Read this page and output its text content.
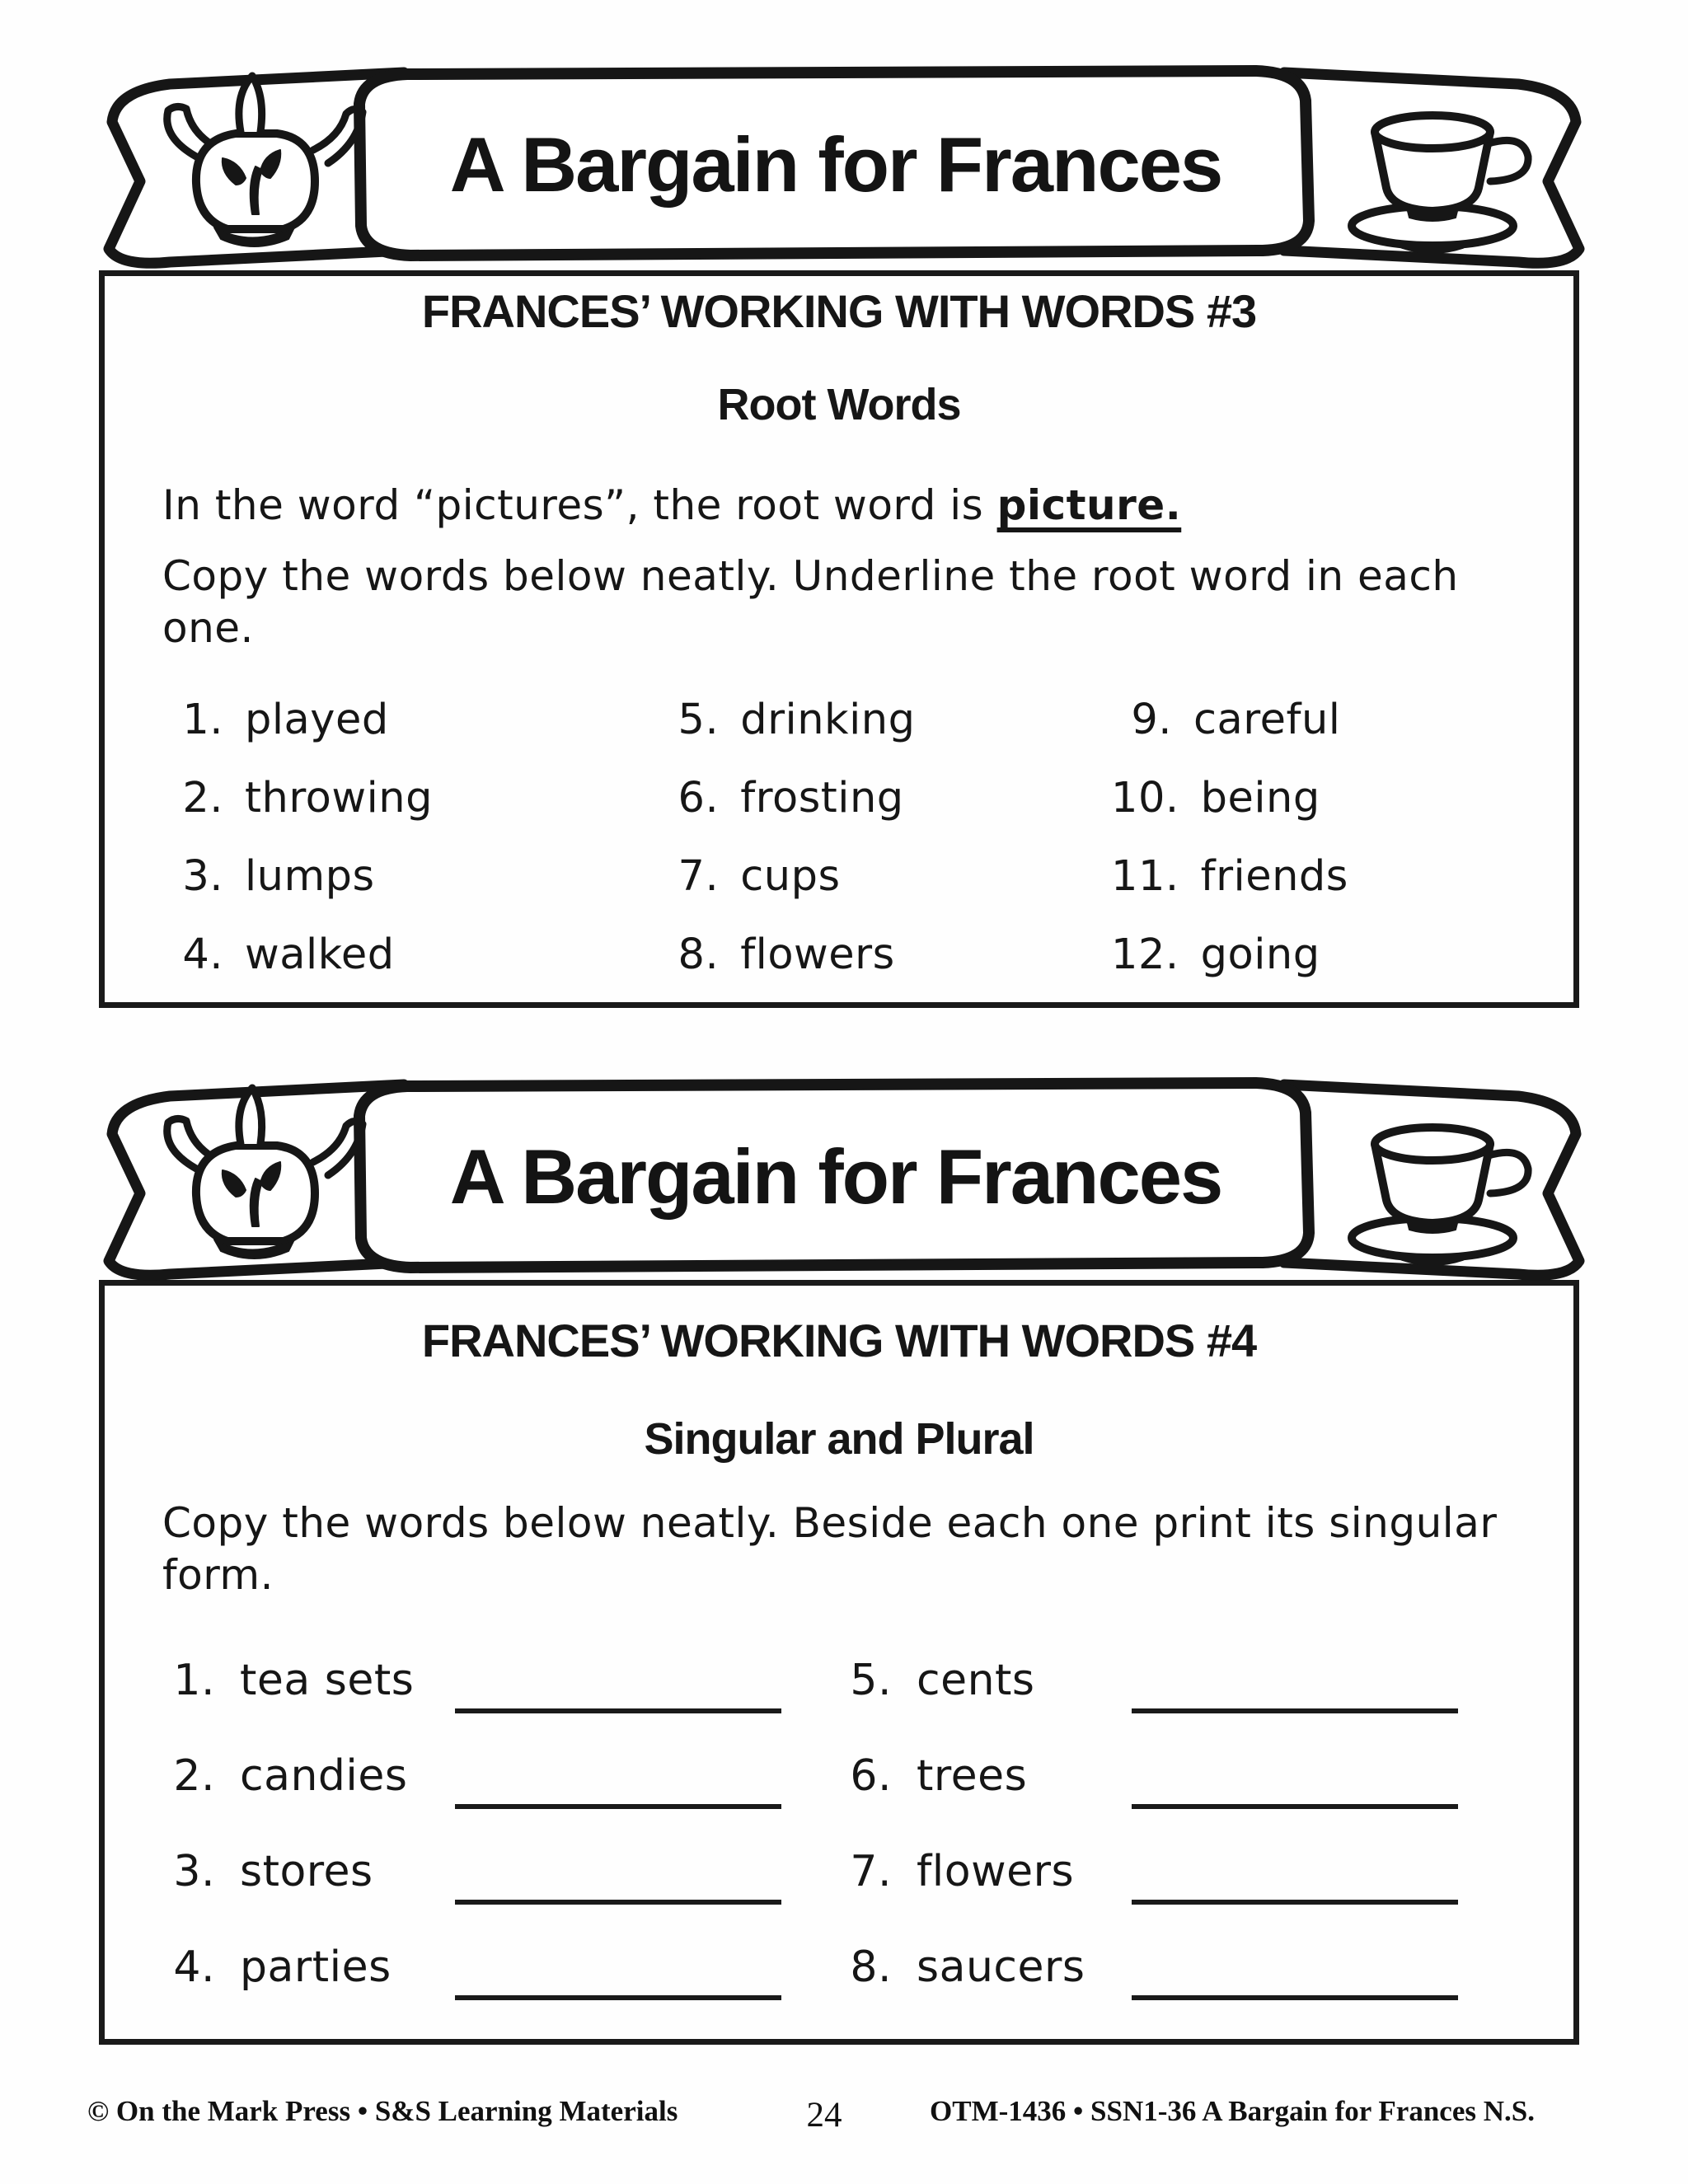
FRANCES’ WORKING WITH WORDS #3
Root Words

In the word “pictures”, the root word is picture.

Copy the words below neatly. Underline the root word in each one.

1. played
2. throwing
3. lumps
4. walked
5. drinking
6. frosting
7. cups
8. flowers
9. careful
10. being
11. friends
12. going
A Bargain for Frances
FRANCES’ WORKING WITH WORDS #4
Singular and Plural

Copy the words below neatly. Beside each one print its singular form.

1. tea sets
2. candies
3. stores
4. parties
5. cents
6. trees
7. flowers
8. saucers
A Bargain for Frances
© On the Mark Press • S&S Learning Materials	24	OTM-1436 • SSN1-36 A Bargain for Frances N.S.
